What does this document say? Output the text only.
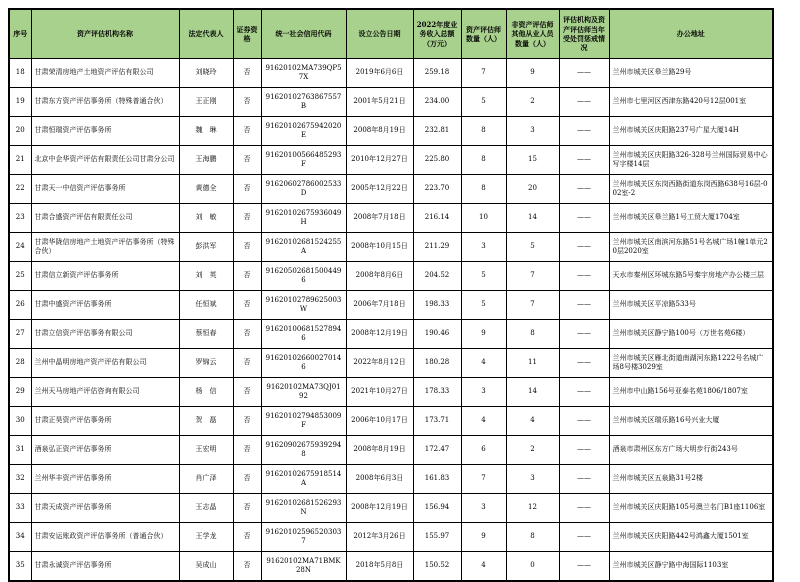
序号	资产评估机构名称	法定代表人	证券资格	统一社会信用代码	设立公告日期	2022年度业务收入总额（万元）	资产评估师数量（人）	非资产评估师其他从业人员数量（人）	评估机构及资产评估师当年受处罚惩戒情况	办公地址
18	甘肃荣清房地产土地资产评估有限公司	刘晓玲	否	91620102MA739QP57X	2019年6月6日	259.18	7	9	——	兰州市城关区皋兰路29号
19	甘肃东方资产评估事务所（特殊普通合伙）	王正刚	否	91620102763867557B	2001年5月21日	234.00	5	2	——	兰州市七里河区西津东路420号12层001室
20	甘肃恒瑞资产评估事务所	魏　琳	否	91620102675942020E	2008年8月19日	232.81	8	3	——	兰州市城关区庆阳路237号广星大厦14H
21	北京中企华资产评估有限责任公司甘肃分公司	王海鹏	否	91620100566485293F	2010年12月27日	225.80	8	15	——	兰州市城关区庆阳路326-328号兰州国际贸易中心写字楼14层
22	甘肃天一中信资产评估事务所	黄德全	否	91620602786002533D	2005年12月22日	223.70	8	20	——	兰州市城关区东岗西路街道东岗西路638号16层-002室-2
23	甘肃合盛资产评估有限责任公司	刘　敏	否	91620102675936049H	2008年7月18日	216.14	10	14	——	兰州市城关区皋兰路1号工贸大厦1704室
24	甘肃华陇信房地产土地资产评估事务所（特殊合伙）	彭洪军	否	91620102681524255A	2008年10月15日	211.29	3	5	——	兰州市城关区南滨河东路51号名城广场1幢1单元20层2020室
25	甘肃信立新资产评估事务所	刘　英	否	916205026815004496	2008年8月6日	204.52	5	7	——	天水市秦州区环城东路5号秦宇房地产办公楼三层
26	甘肃中盛资产评估事务所	任恒斌	否	91620102789625003W	2006年7月18日	198.33	5	7	——	兰州市城关区平凉路533号
27	甘肃立信资产评估事务有限公司	蔡恒春	否	916201006815278946	2008年12月19日	190.46	9	8	——	兰州市城关区静宁路100号（万世名苑6楼）
28	兰州中晶明房地产资产评估有限公司	罗锦云	否	916201026600270146	2022年8月12日	180.28	4	11	——	兰州市城关区雁北街道南湖河东路1222号名城广场8号楼3029室
29	兰州天马房地产评估咨询有限公司	杨　信	否	91620102MA73QJ0192	2021年10月27日	178.33	3	14	——	兰州市中山路156号亚泰名苑1806/1807室
30	甘肃正昊资产评估事务所	贺　磊	否	91620102794853009F	2006年10月17日	173.71	4	4	——	兰州市城关区瑞乐路16号兴业大厦
31	酒泉弘正资产评估事务所	王宏明	否	916209026759392948	2008年8月19日	172.47	6	2	——	酒泉市肃州区东方广场大明步行街243号
32	兰州华丰资产评估事务所	肖广泽	否	91620102675918514A	2008年6月3日	161.83	7	3	——	兰州市城关区五泉路31号2楼
33	甘肃天成资产评估事务所	王志晶	否	91620102681526293N	2008年12月19日	156.94	3	12	——	兰州市城关区庆阳路105号澳兰名门B1座1106室
34	甘肃安运账政资产评估事务所（普通合伙）	王学龙	否	916201025965203037	2012年3月26日	155.97	9	8	——	兰州市城关区庆阳路442号鸿鑫大厦1501室
35	甘肃永诚资产评估事务所	吴成山	否	91620102MA71BMK28N	2018年5月8日	150.52	4	0	——	兰州市城关区静宁路中海国际1103室
